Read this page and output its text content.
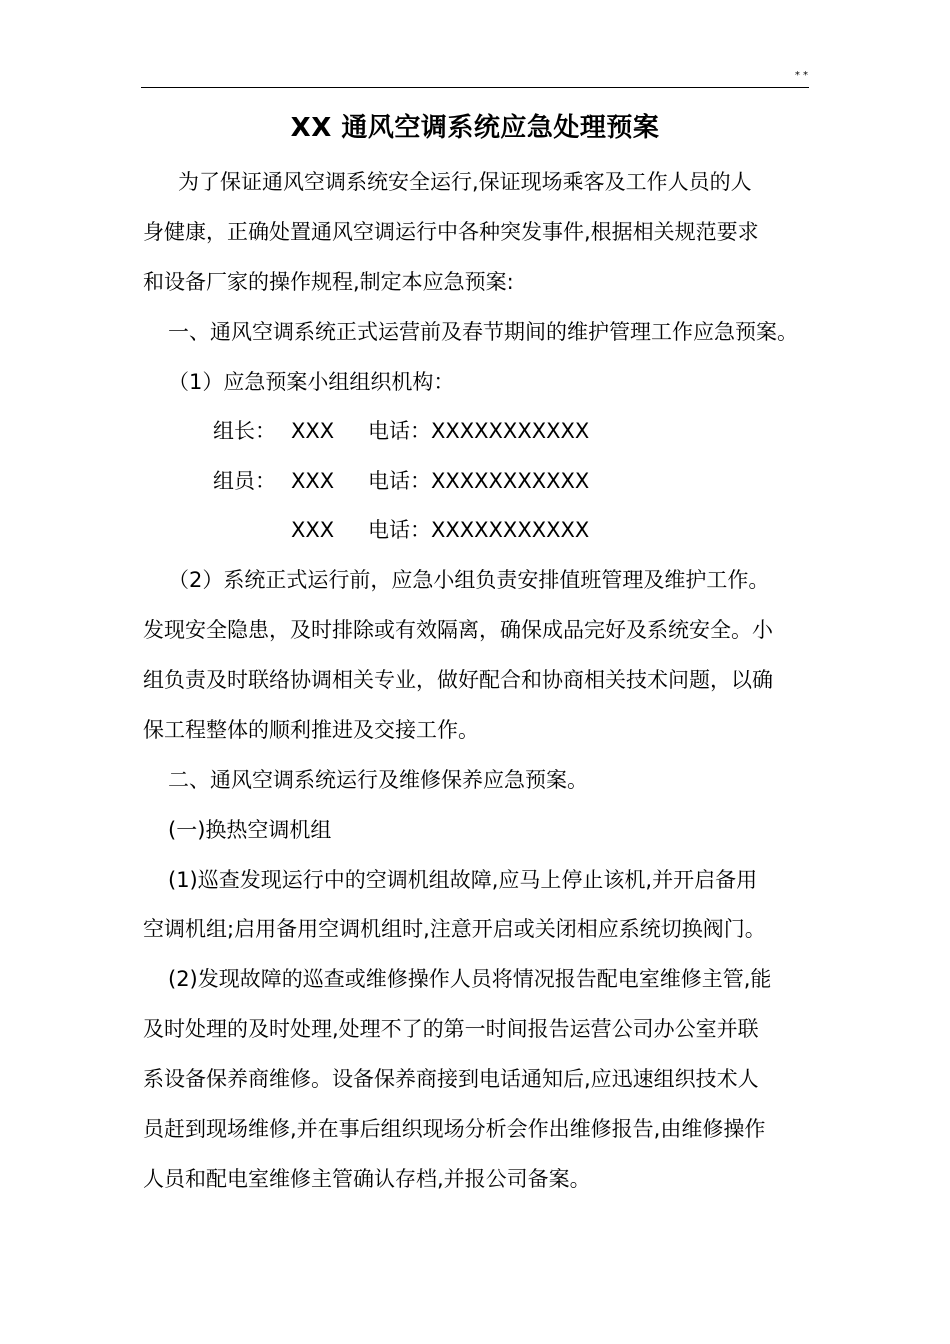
* *
XX 通风空调系统应急处理预案
为了保证通风空调系统安全运行,保证现场乘客及工作人员的人
身健康，正确处置通风空调运行中各种突发事件,根据相关规范要求
和设备厂家的操作规程,制定本应急预案:
一、通风空调系统正式运营前及春节期间的维护管理工作应急预案。
（1）应急预案小组组织机构：
组长： XXX 电话：XXXXXXXXXXX
组员： XXX 电话：XXXXXXXXXXX
XXX 电话：XXXXXXXXXXX
（2）系统正式运行前，应急小组负责安排值班管理及维护工作。
发现安全隐患，及时排除或有效隔离，确保成品完好及系统安全。小
组负责及时联络协调相关专业，做好配合和协商相关技术问题，以确
保工程整体的顺利推进及交接工作。
二、通风空调系统运行及维修保养应急预案。
(一)换热空调机组
(1)巡查发现运行中的空调机组故障,应马上停止该机,并开启备用
空调机组;启用备用空调机组时,注意开启或关闭相应系统切换阀门。
(2)发现故障的巡查或维修操作人员将情况报告配电室维修主管,能
及时处理的及时处理,处理不了的第一时间报告运营公司办公室并联
系设备保养商维修。设备保养商接到电话通知后,应迅速组织技术人
员赶到现场维修,并在事后组织现场分析会作出维修报告,由维修操作
人员和配电室维修主管确认存档,并报公司备案。
